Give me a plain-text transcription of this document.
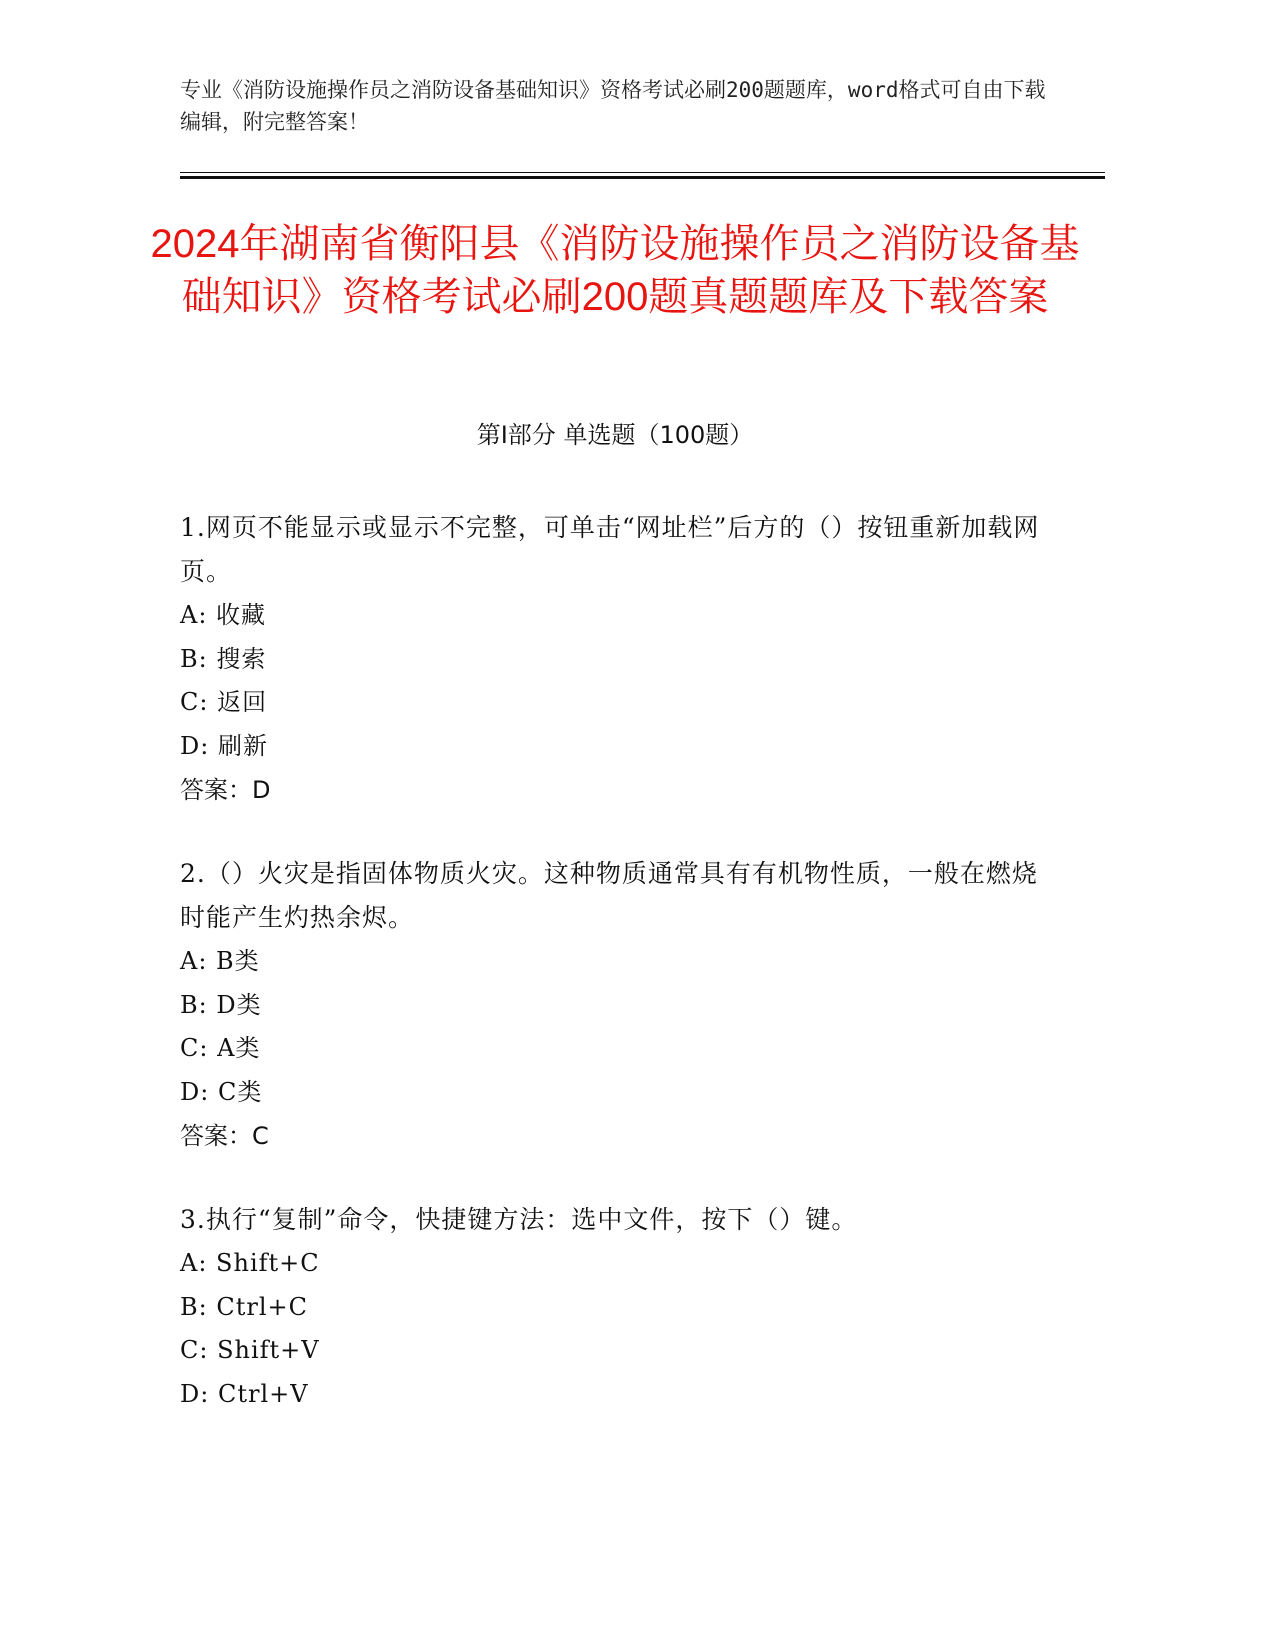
专业《消防设施操作员之消防设备基础知识》资格考试必刷200题题库，word格式可自由下载编辑，附完整答案！
2024年湖南省衡阳县《消防设施操作员之消防设备基础知识》资格考试必刷200题真题题库及下载答案
第I部分 单选题（100题）
1.网页不能显示或显示不完整，可单击“网址栏”后方的（）按钮重新加载网页。
A: 收藏
B: 搜索
C: 返回
D: 刷新
答案：D
2.（）火灾是指固体物质火灾。这种物质通常具有有机物性质，一般在燃烧时能产生灼热余烬。
A: B类
B: D类
C: A类
D: C类
答案：C
3.执行“复制”命令，快捷键方法：选中文件，按下（）键。
A: Shift+C
B: Ctrl+C
C: Shift+V
D: Ctrl+V
